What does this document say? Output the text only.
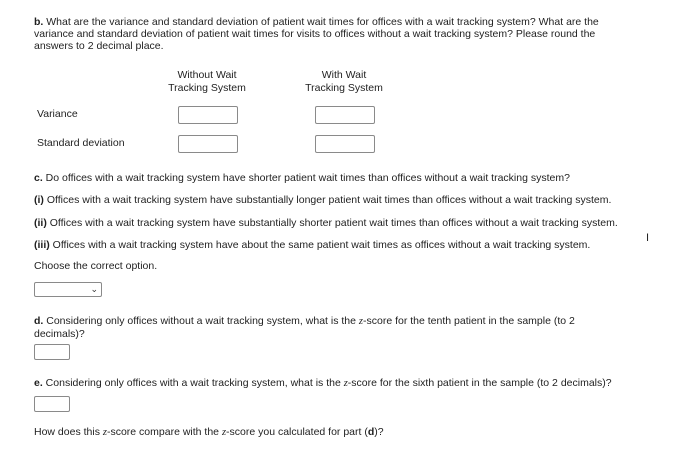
b. What are the variance and standard deviation of patient wait times for offices with a wait tracking system? What are the
variance and standard deviation of patient wait times for visits to offices without a wait tracking system? Please round the
answers to 2 decimal place.
Without Wait
Tracking System
With Wait
Tracking System
Variance
Standard deviation
c. Do offices with a wait tracking system have shorter patient wait times than offices without a wait tracking system?
(i) Offices with a wait tracking system have substantially longer patient wait times than offices without a wait tracking system.
(ii) Offices with a wait tracking system have substantially shorter patient wait times than offices without a wait tracking system.
(iii) Offices with a wait tracking system have about the same patient wait times as offices without a wait tracking system.
I
Choose the correct option.
⌄
d. Considering only offices without a wait tracking system, what is the z-score for the tenth patient in the sample (to 2
decimals)?
e. Considering only offices with a wait tracking system, what is the z-score for the sixth patient in the sample (to 2 decimals)?
How does this z-score compare with the z-score you calculated for part (d)?
